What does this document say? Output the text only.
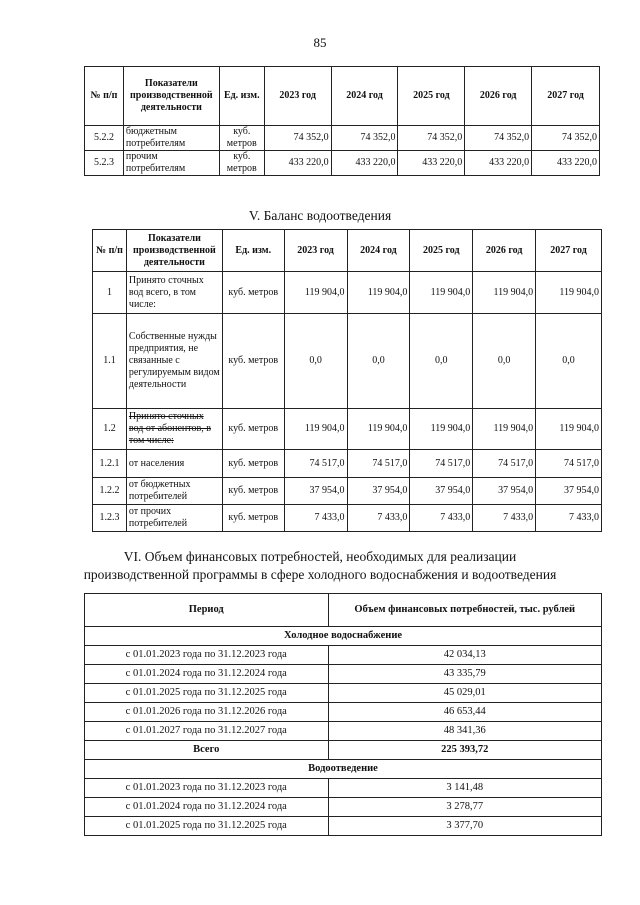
85
№ п/п	Показатели производственной деятельности	Ед. изм.	2023 год	2024 год	2025 год	2026 год	2027 год
5.2.2	бюджетным потребителям	куб. метров	74 352,0	74 352,0	74 352,0	74 352,0	74 352,0
5.2.3	прочим потребителям	куб. метров	433 220,0	433 220,0	433 220,0	433 220,0	433 220,0
V. Баланс водоотведения
№ п/п	Показатели производственной деятельности	Ед. изм.	2023 год	2024 год	2025 год	2026 год	2027 год
1	Принято сточных вод всего, в том числе:	куб. метров	119 904,0	119 904,0	119 904,0	119 904,0	119 904,0
1.1	Собственные нужды предприятия, не связанные с регулируемым видом деятельности	куб. метров	0,0	0,0	0,0	0,0	0,0
1.2	Принято сточных вод от абонентов, в том числе:	куб. метров	119 904,0	119 904,0	119 904,0	119 904,0	119 904,0
1.2.1	от населения	куб. метров	74 517,0	74 517,0	74 517,0	74 517,0	74 517,0
1.2.2	от бюджетных потребителей	куб. метров	37 954,0	37 954,0	37 954,0	37 954,0	37 954,0
1.2.3	от прочих потребителей	куб. метров	7 433,0	7 433,0	7 433,0	7 433,0	7 433,0
VI. Объем финансовых потребностей, необходимых для реализации
производственной программы в сфере холодного водоснабжения и водоотведения
Период	Объем финансовых потребностей, тыс. рублей
Холодное водоснабжение	
с 01.01.2023 года по 31.12.2023 года	42 034,13
с 01.01.2024 года по 31.12.2024 года	43 335,79
с 01.01.2025 года по 31.12.2025 года	45 029,01
с 01.01.2026 года по 31.12.2026 года	46 653,44
с 01.01.2027 года по 31.12.2027 года	48 341,36
Всего	225 393,72
Водоотведение	
с 01.01.2023 года по 31.12.2023 года	3 141,48
с 01.01.2024 года по 31.12.2024 года	3 278,77
с 01.01.2025 года по 31.12.2025 года	3 377,70
